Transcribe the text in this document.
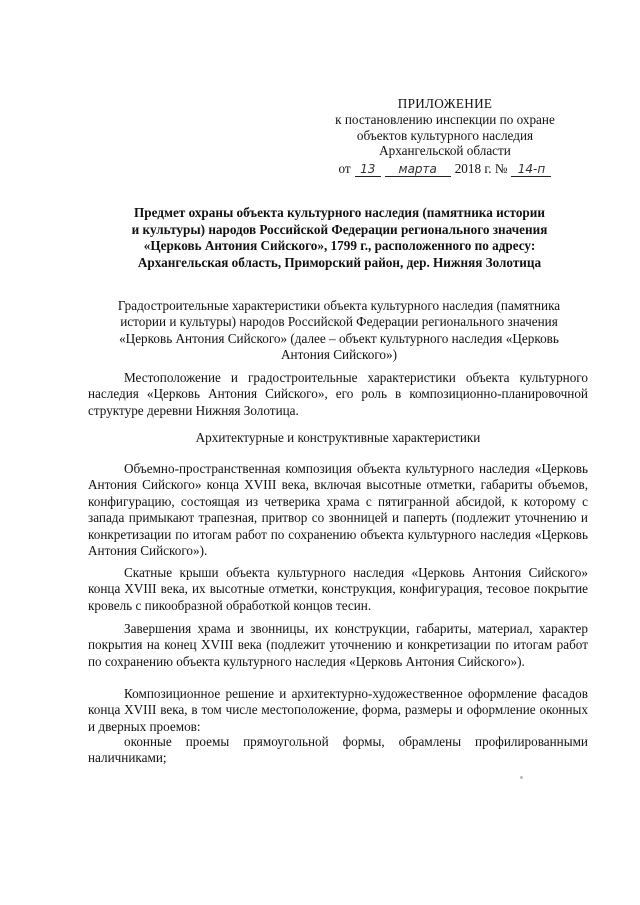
ПРИЛОЖЕНИЕ
к постановлению инспекции по охране
объектов культурного наследия
Архангельской области
от 13	марта	2018 г. № 14-п
Предмет охраны объекта культурного наследия (памятника истории
и культуры) народов Российской Федерации регионального значения
«Церковь Антония Сийского», 1799 г., расположенного по адресу:
Архангельская область, Приморский район, дер. Нижняя Золотица
Градостроительные характеристики объекта культурного наследия (памятника
истории и культуры) народов Российской Федерации регионального значения
«Церковь Антония Сийского» (далее – объект культурного наследия «Церковь
Антония Сийского»)
Местоположение и градостроительные характеристики объекта культурного наследия «Церковь Антония Сийского», его роль в композиционно-планировочной структуре деревни Нижняя Золотица.
Архитектурные и конструктивные характеристики
Объемно-пространственная композиция объекта культурного наследия «Церковь Антония Сийского» конца XVIII века, включая высотные отметки, габариты объемов, конфигурацию, состоящая из четверика храма с пятигранной абсидой, к которому с запада примыкают трапезная, притвор со звонницей и паперть (подлежит уточнению и конкретизации по итогам работ по сохранению объекта культурного наследия «Церковь Антония Сийского»).
Скатные крыши объекта культурного наследия «Церковь Антония Сийского» конца XVIII века, их высотные отметки, конструкция, конфигурация, тесовое покрытие кровель с пикообразной обработкой концов тесин.
Завершения храма и звонницы, их конструкции, габариты, материал, характер покрытия на конец XVIII века (подлежит уточнению и конкретизации по итогам работ по сохранению объекта культурного наследия «Церковь Антония Сийского»).
Композиционное решение и архитектурно-художественное оформление фасадов конца XVIII века, в том числе местоположение, форма, размеры и оформление оконных и дверных проемов:
оконные проемы прямоугольной формы, обрамлены профилированными наличниками;
